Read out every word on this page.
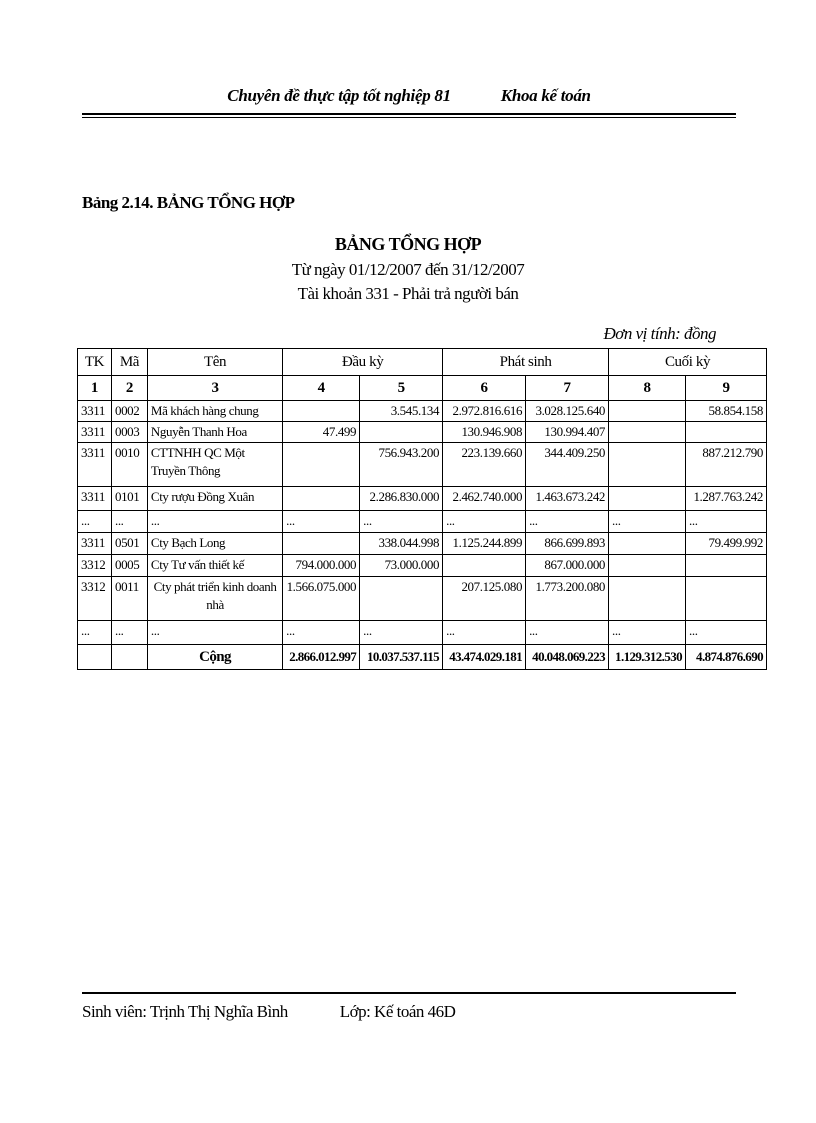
Chuyên đề thực tập tốt nghiệp 81	Khoa kế toán
Bảng 2.14. BẢNG TỔNG HỢP
BẢNG TỔNG HỢP
Từ ngày 01/12/2007 đến 31/12/2007
Tài khoản 331 - Phải trả người bán
Đơn vị tính: đồng
TK	Mã	Tên	Đầu kỳ		Phát sinh		Cuối kỳ	
1	2	3	4	5	6	7	8	9
3311	0002	Mã khách hàng chung		3.545.134	2.972.816.616	3.028.125.640		58.854.158
3311	0003	Nguyễn Thanh Hoa	47.499		130.946.908	130.994.407		
3311	0010	CTTNHH QC Một Truyền Thông		756.943.200	223.139.660	344.409.250		887.212.790
3311	0101	Cty rượu Đồng Xuân		2.286.830.000	2.462.740.000	1.463.673.242		1.287.763.242
...	...	...	...	...	...	...	...	...
3311	0501	Cty Bạch Long		338.044.998	1.125.244.899	866.699.893		79.499.992
3312	0005	Cty Tư vấn thiết kế	794.000.000	73.000.000		867.000.000		
3312	0011	Cty phát triển kinh doanh nhà	1.566.075.000		207.125.080	1.773.200.080		
...	...	...	...	...	...	...	...	...
		Cộng	2.866.012.997	10.037.537.115	43.474.029.181	40.048.069.223	1.129.312.530	4.874.876.690
Sinh viên: Trịnh Thị Nghĩa Bình	Lớp: Kế toán 46D
